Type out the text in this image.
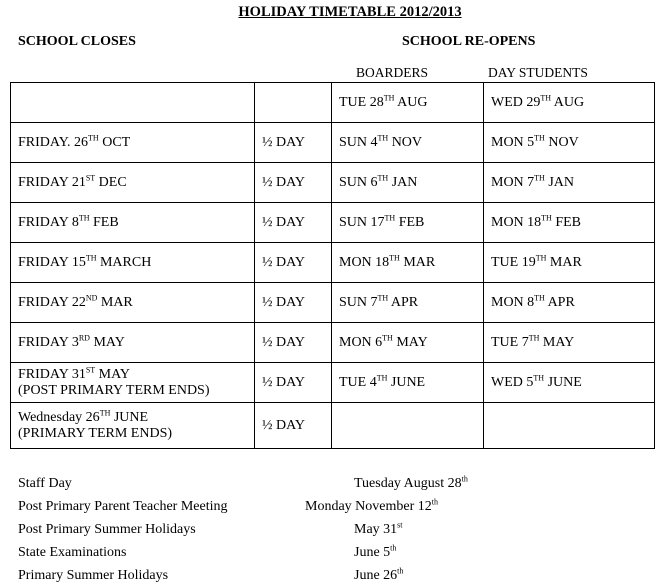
HOLIDAY TIMETABLE 2012/2013
SCHOOL CLOSES	SCHOOL RE-OPENS
BOARDERS	DAY STUDENTS
		TUE 28TH AUG	WED 29TH AUG
FRIDAY. 26TH OCT	½ DAY	SUN 4TH NOV	MON 5TH NOV
FRIDAY 21ST DEC	½ DAY	SUN 6TH JAN	MON 7TH JAN
FRIDAY 8TH FEB	½ DAY	SUN 17TH FEB	MON 18TH FEB
FRIDAY 15TH MARCH	½ DAY	MON 18TH MAR	TUE 19TH MAR
FRIDAY 22ND MAR	½ DAY	SUN 7TH APR	MON 8TH APR
FRIDAY 3RD MAY	½ DAY	MON 6TH MAY	TUE 7TH MAY

FRIDAY 31ST MAY
(POST PRIMARY TERM ENDS)	½ DAY	TUE 4TH JUNE	WED 5TH JUNE

Wednesday 26TH JUNE
(PRIMARY TERM ENDS)	½ DAY		
Staff Day	Tuesday August 28th
Post Primary Parent Teacher Meeting	Monday November 12th
Post Primary Summer Holidays	May 31st
State Examinations	June 5th
Primary Summer Holidays	June 26th
